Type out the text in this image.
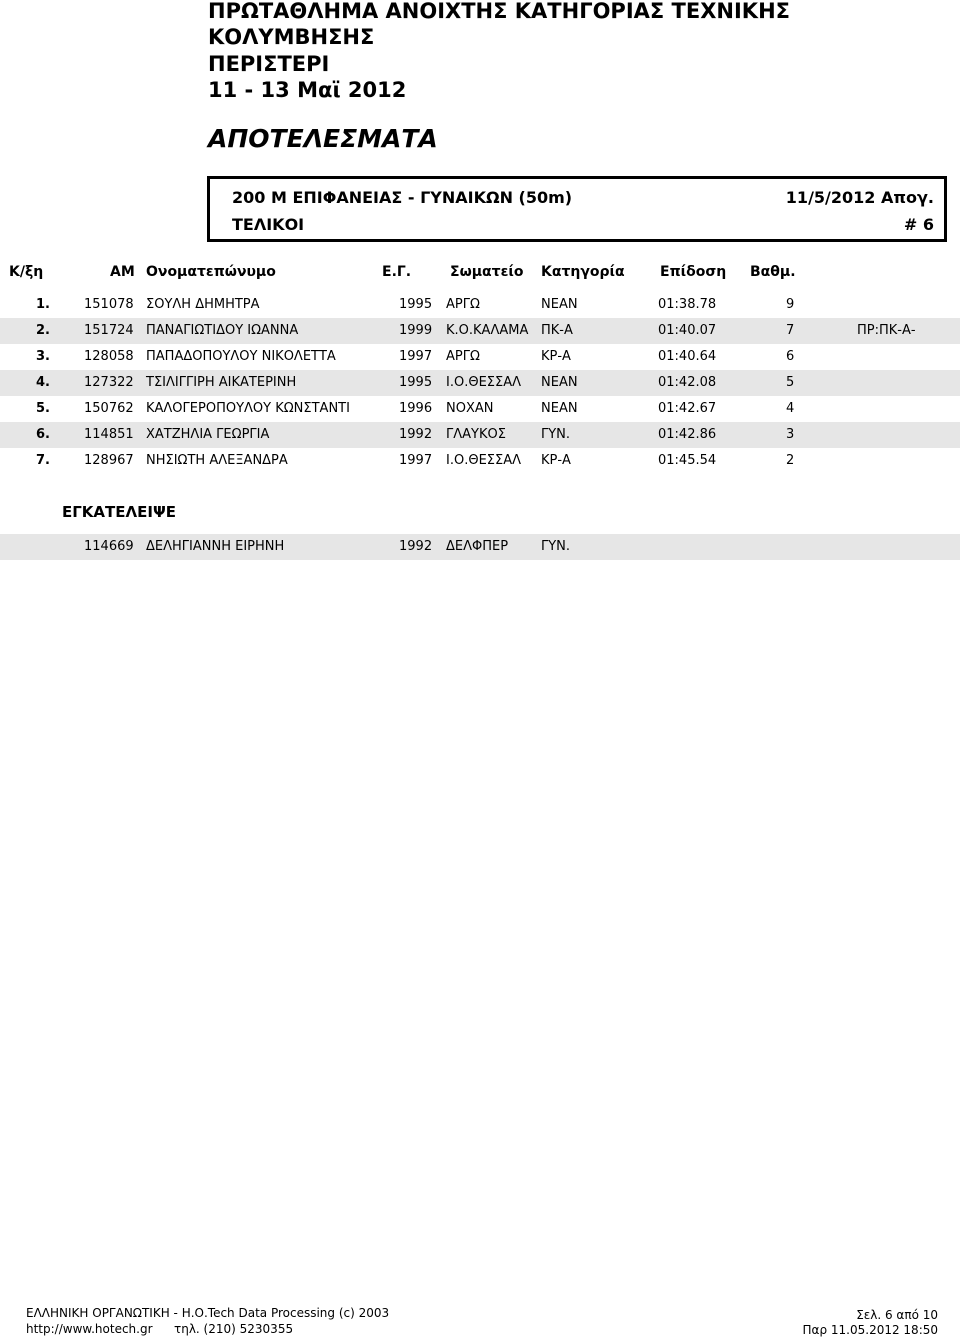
ΠΡΩΤΑΘΛΗΜΑ ΑΝΟΙΧΤΗΣ ΚΑΤΗΓΟΡΙΑΣ ΤΕΧΝΙΚΗΣ
ΚΟΛΥΜΒΗΣΗΣ
ΠΕΡΙΣΤΕΡΙ
11 - 13 Μαϊ 2012
ΑΠΟΤΕΛΕΣΜΑΤΑ
200 Μ ΕΠΙΦΑΝΕΙΑΣ - ΓΥΝΑΙΚΩΝ (50m)	11/5/2012 Απογ.
ΤΕΛΙΚΟΙ	# 6
Κ/ξη	ΑΜ Ονοματεπώνυμο	Ε.Γ.	Σωματείο Κατηγορία	Επίδοση Βαθμ.
1.	151078 ΣΟΥΛΗ ΔΗΜΗΤΡΑ	1995 ΑΡΓΩ	ΝΕΑΝ	01:38.78	9
2.	151724 ΠΑΝΑΓΙΩΤΙΔΟΥ ΙΩΑΝΝΑ	1999 Κ.Ο.ΚΑΛΑΜΑ ΠΚ-Α	01:40.07	7	ΠΡ:ΠΚ-Α-
3.	128058 ΠΑΠΑΔΟΠΟΥΛΟΥ ΝΙΚΟΛΕΤΤΑ	1997 ΑΡΓΩ	ΚΡ-Α	01:40.64	6
4.	127322 ΤΣΙΛΙΓΓΙΡΗ ΑΙΚΑΤΕΡΙΝΗ	1995 Ι.Ο.ΘΕΣΣΑΛ ΝΕΑΝ	01:42.08	5
5.	150762 ΚΑΛΟΓΕΡΟΠΟΥΛΟΥ ΚΩΝΣΤΑΝΤΙ	1996 ΝΟΧΑΝ	ΝΕΑΝ	01:42.67	4
6.	114851 ΧΑΤΖΗΛΙΑ ΓΕΩΡΓΙΑ	1992 ΓΛΑΥΚΟΣ	ΓΥΝ.	01:42.86	3
7.	128967 ΝΗΣΙΩΤΗ ΑΛΕΞΑΝΔΡΑ	1997 Ι.Ο.ΘΕΣΣΑΛ ΚΡ-Α	01:45.54	2
ΕΓΚΑΤΕΛΕΙΨΕ
114669 ΔΕΛΗΓΙΑΝΝΗ ΕΙΡΗΝΗ	1992 ΔΕΛΦΠΕΡ	ΓΥΝ.
ΕΛΛΗΝΙΚΗ ΟΡΓΑΝΩΤΙΚΗ - Η.Ο.Tech Data Processing (c) 2003
http://www.hotech.gr τηλ. (210) 5230355
Σελ. 6 από 10
Παρ 11.05.2012 18:50
